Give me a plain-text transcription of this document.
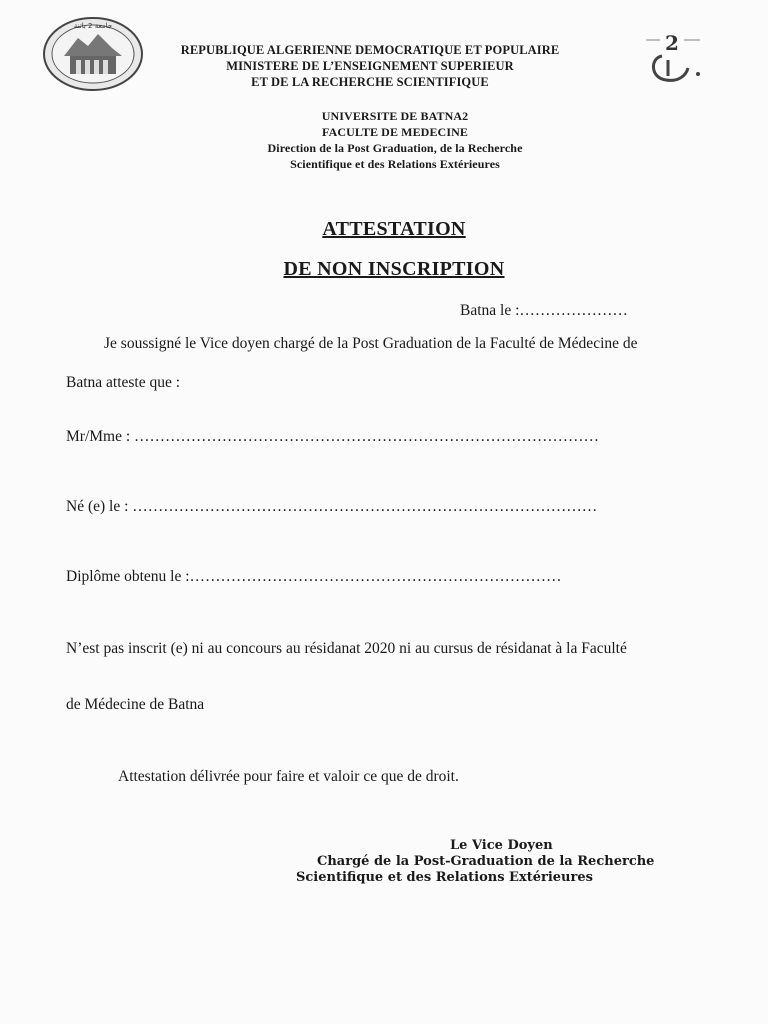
جامعة 2 باتنة
2
REPUBLIQUE ALGERIENNE DEMOCRATIQUE ET POPULAIRE
MINISTERE DE L’ENSEIGNEMENT SUPERIEUR
ET DE LA RECHERCHE SCIENTIFIQUE
UNIVERSITE DE BATNA2
FACULTE DE MEDECINE
Direction de la Post Graduation, de la Recherche
Scientifique et des Relations Extérieures
ATTESTATION
DE NON INSCRIPTION
Batna le :…………………
Je soussigné le Vice doyen chargé de la Post Graduation de la Faculté de Médecine de
Batna atteste que :
Mr/Mme : ………………………………………………………………………………
Né (e) le : ………………………………………………………………………………
Diplôme obtenu le :………………………………………………………………
N’est pas inscrit (e) ni au concours au résidanat 2020 ni au cursus de résidanat à la Faculté
de Médecine de Batna
Attestation délivrée pour faire et valoir ce que de droit.
Le Vice Doyen
Chargé de la Post-Graduation de la Recherche
Scientifique et des Relations Extérieures
